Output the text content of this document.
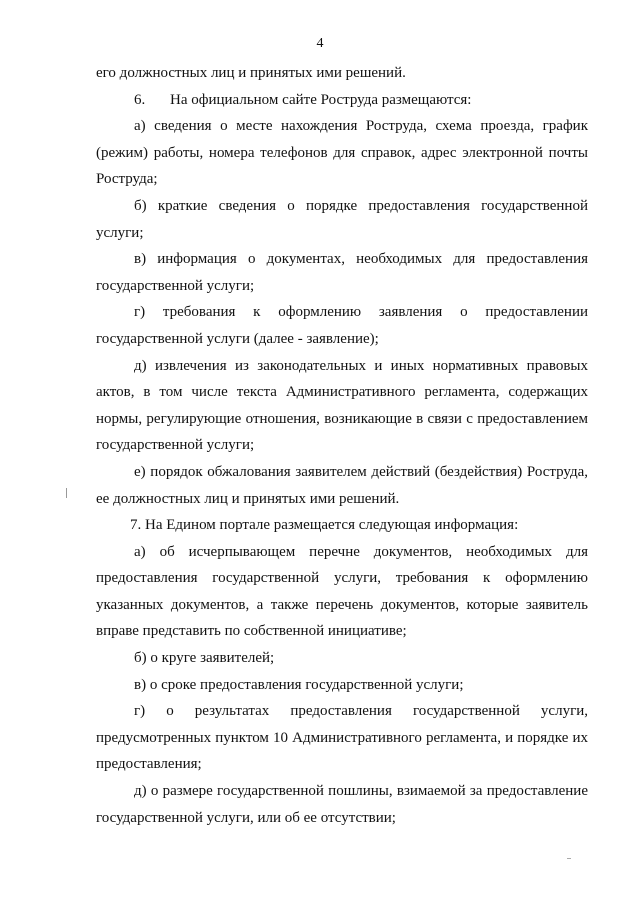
4
его должностных лиц и принятых ими решений.
6. На официальном сайте Роструда размещаются:
а) сведения о месте нахождения Роструда, схема проезда, график
(режим) работы, номера телефонов для справок, адрес электронной почты
Роструда;
б) краткие сведения о порядке предоставления государственной
услуги;
в) информация о документах, необходимых для предоставления
государственной услуги;
г) требования к оформлению заявления о предоставлении
государственной услуги (далее - заявление);
д) извлечения из законодательных и иных нормативных правовых
актов, в том числе текста Административного регламента, содержащих
нормы, регулирующие отношения, возникающие в связи с предоставлением
государственной услуги;
е) порядок обжалования заявителем действий (бездействия) Роструда,
ее должностных лиц и принятых ими решений.
7. На Едином портале размещается следующая информация:
а) об исчерпывающем перечне документов, необходимых для
предоставления государственной услуги, требования к оформлению
указанных документов, а также перечень документов, которые заявитель
вправе представить по собственной инициативе;
б) о круге заявителей;
в) о сроке предоставления государственной услуги;
г) о результатах предоставления государственной услуги,
предусмотренных пунктом 10 Административного регламента, и порядке их
предоставления;
д) о размере государственной пошлины, взимаемой за предоставление
государственной услуги, или об ее отсутствии;
